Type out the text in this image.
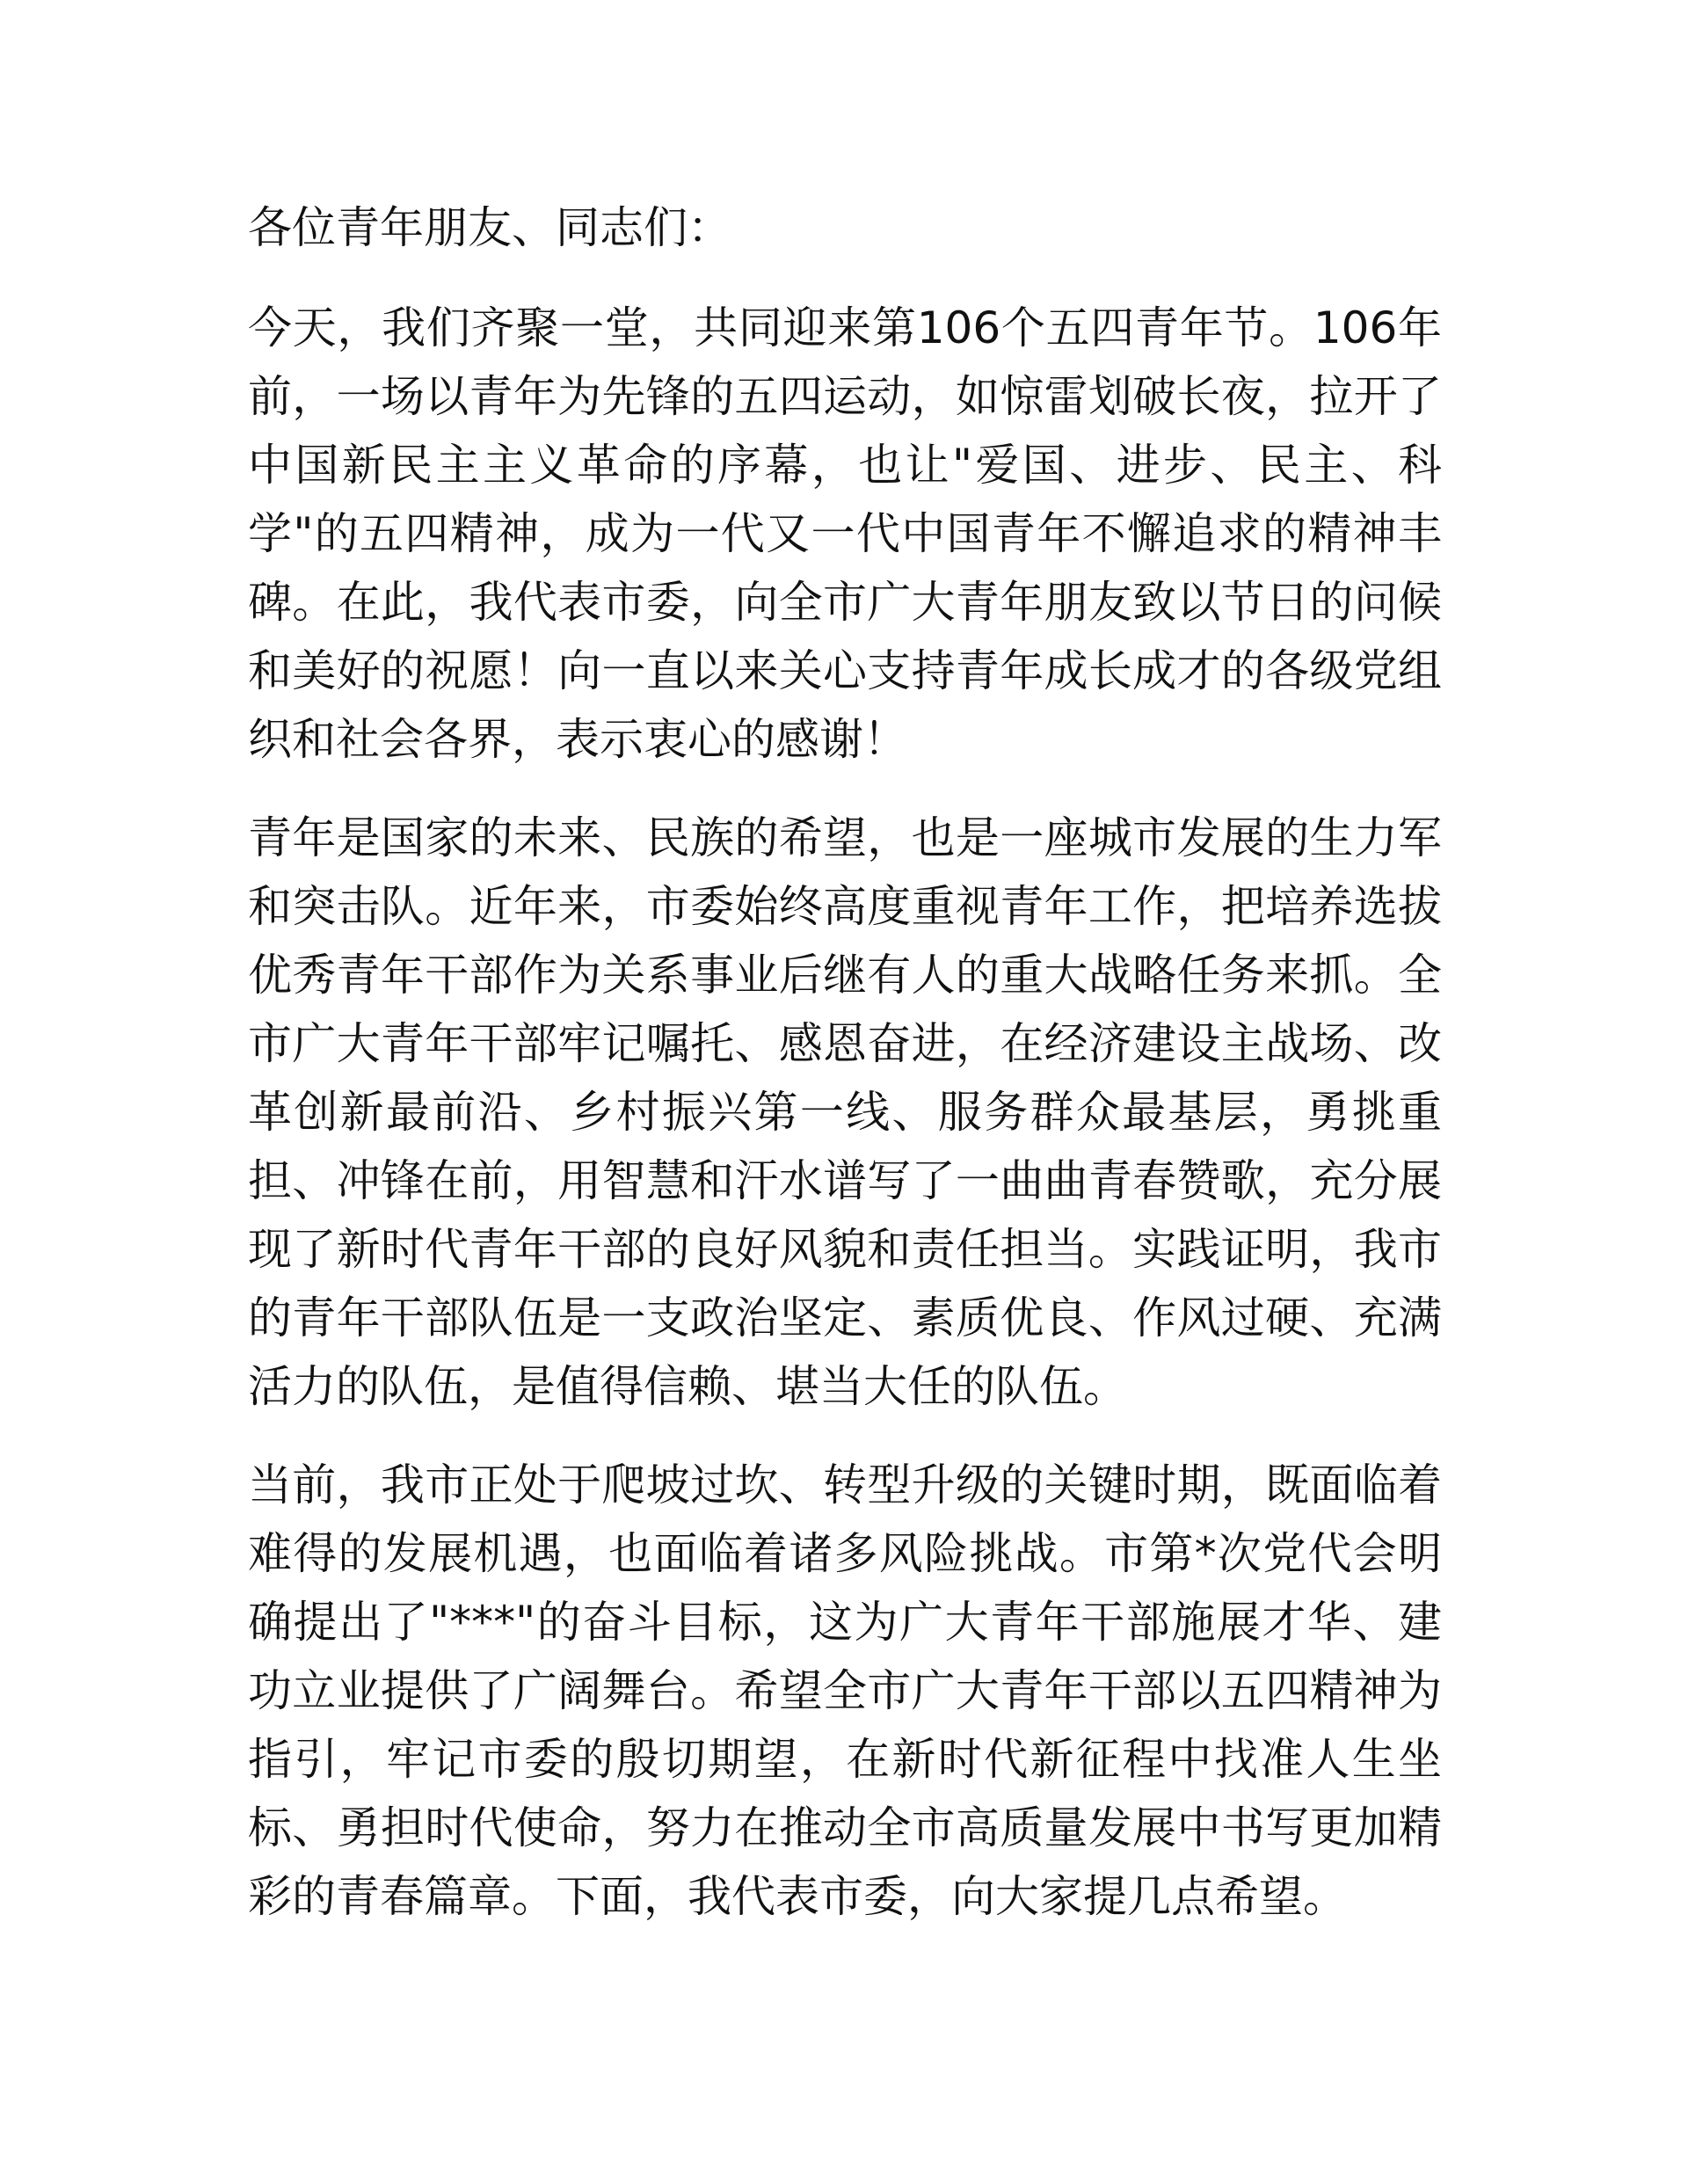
各位青年朋友、同志们：

今天，我们齐聚一堂，共同迎来第106个五四青年节。106年前，一场以青年为先锋的五四运动，如惊雷划破长夜，拉开了中国新民主主义革命的序幕，也让"爱国、进步、民主、科学"的五四精神，成为一代又一代中国青年不懈追求的精神丰碑。在此，我代表市委，向全市广大青年朋友致以节日的问候和美好的祝愿！向一直以来关心支持青年成长成才的各级党组织和社会各界，表示衷心的感谢！

青年是国家的未来、民族的希望，也是一座城市发展的生力军和突击队。近年来，市委始终高度重视青年工作，把培养选拔优秀青年干部作为关系事业后继有人的重大战略任务来抓。全市广大青年干部牢记嘱托、感恩奋进，在经济建设主战场、改革创新最前沿、乡村振兴第一线、服务群众最基层，勇挑重担、冲锋在前，用智慧和汗水谱写了一曲曲青春赞歌，充分展现了新时代青年干部的良好风貌和责任担当。实践证明，我市的青年干部队伍是一支政治坚定、素质优良、作风过硬、充满活力的队伍，是值得信赖、堪当大任的队伍。

当前，我市正处于爬坡过坎、转型升级的关键时期，既面临着难得的发展机遇，也面临着诸多风险挑战。市第*次党代会明确提出了"***"的奋斗目标，这为广大青年干部施展才华、建功立业提供了广阔舞台。希望全市广大青年干部以五四精神为指引，牢记市委的殷切期望，在新时代新征程中找准人生坐标、勇担时代使命，努力在推动全市高质量发展中书写更加精彩的青春篇章。下面，我代表市委，向大家提几点希望。
